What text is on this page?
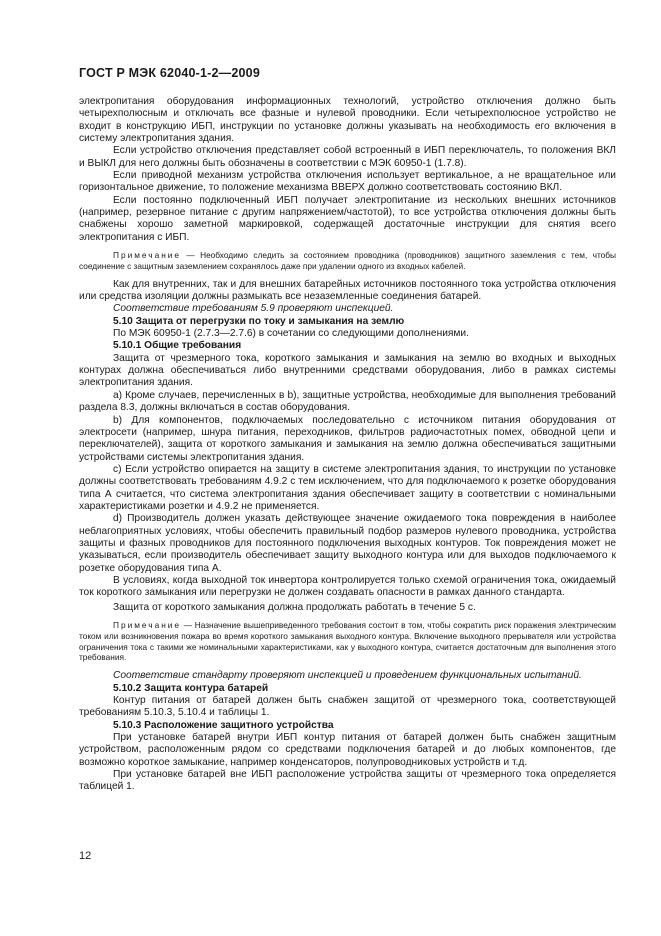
ГОСТ Р МЭК 62040-1-2—2009

электропитания оборудования информационных технологий, устройство отключения должно быть четырехполюсным и отключать все фазные и нулевой проводники. Если четырехполюсное устройство не входит в конструкцию ИБП, инструкции по установке должны указывать на необходимость его включения в систему электропитания здания.

Если устройство отключения представляет собой встроенный в ИБП переключатель, то положения ВКЛ и ВЫКЛ для него должны быть обозначены в соответствии с МЭК 60950-1 (1.7.8).

Если приводной механизм устройства отключения использует вертикальное, а не вращательное или горизонтальное движение, то положение механизма ВВЕРХ должно соответствовать состоянию ВКЛ.

Если постоянно подключенный ИБП получает электропитание из нескольких внешних источников (например, резервное питание с другим напряжением/частотой), то все устройства отключения должны быть снабжены хорошо заметной маркировкой, содержащей достаточные инструкции для снятия всего электропитания с ИБП.

Примечание — Необходимо следить за состоянием проводника (проводников) защитного заземления с тем, чтобы соединение с защитным заземлением сохранялось даже при удалении одного из входных кабелей.

Как для внутренних, так и для внешних батарейных источников постоянного тока устройства отключения или средства изоляции должны размыкать все незаземленные соединения батарей.

Соответствие требованиям 5.9 проверяют инспекцией.

5.10 Защита от перегрузки по току и замыкания на землю

По МЭК 60950-1 (2.7.3—2.7.6) в сочетании со следующими дополнениями.

5.10.1 Общие требования

Защита от чрезмерного тока, короткого замыкания и замыкания на землю во входных и выходных контурах должна обеспечиваться либо внутренними средствами оборудования, либо в рамках системы электропитания здания.

а) Кроме случаев, перечисленных в b), защитные устройства, необходимые для выполнения требований раздела 8.3, должны включаться в состав оборудования.

b) Для компонентов, подключаемых последовательно с источником питания оборудования от электросети (например, шнура питания, переходников, фильтров радиочастотных помех, обводной цепи и переключателей), защита от короткого замыкания и замыкания на землю должна обеспечиваться защитными устройствами системы электропитания здания.

с) Если устройство опирается на защиту в системе электропитания здания, то инструкции по установке должны соответствовать требованиям 4.9.2 с тем исключением, что для подключаемого к розетке оборудования типа А считается, что система электропитания здания обеспечивает защиту в соответствии с номинальными характеристиками розетки и 4.9.2 не применяется.

d) Производитель должен указать действующее значение ожидаемого тока повреждения в наиболее неблагоприятных условиях, чтобы обеспечить правильный подбор размеров нулевого проводника, устройства защиты и фазных проводников для постоянного подключения выходных контуров. Ток повреждения может не указываться, если производитель обеспечивает защиту выходного контура или для выходов подключаемого к розетке оборудования типа А.

В условиях, когда выходной ток инвертора контролируется только схемой ограничения тока, ожидаемый ток короткого замыкания или перегрузки не должен создавать опасности в рамках данного стандарта.

Защита от короткого замыкания должна продолжать работать в течение 5 с.

Примечание — Назначение вышеприведенного требования состоит в том, чтобы сократить риск поражения электрическим током или возникновения пожара во время короткого замыкания выходного контура. Включение выходного прерывателя или устройства ограничения тока с такими же номинальными характеристиками, как у выходного контура, считается достаточным для выполнения этого требования.

Соответствие стандарту проверяют инспекцией и проведением функциональных испытаний.

5.10.2 Защита контура батарей

Контур питания от батарей должен быть снабжен защитой от чрезмерного тока, соответствующей требованиям 5.10.3, 5.10.4 и таблицы 1.

5.10.3 Расположение защитного устройства

При установке батарей внутри ИБП контур питания от батарей должен быть снабжен защитным устройством, расположенным рядом со средствами подключения батарей и до любых компонентов, где возможно короткое замыкание, например конденсаторов, полупроводниковых устройств и т.д.

При установке батарей вне ИБП расположение устройства защиты от чрезмерного тока определяется таблицей 1.

12
